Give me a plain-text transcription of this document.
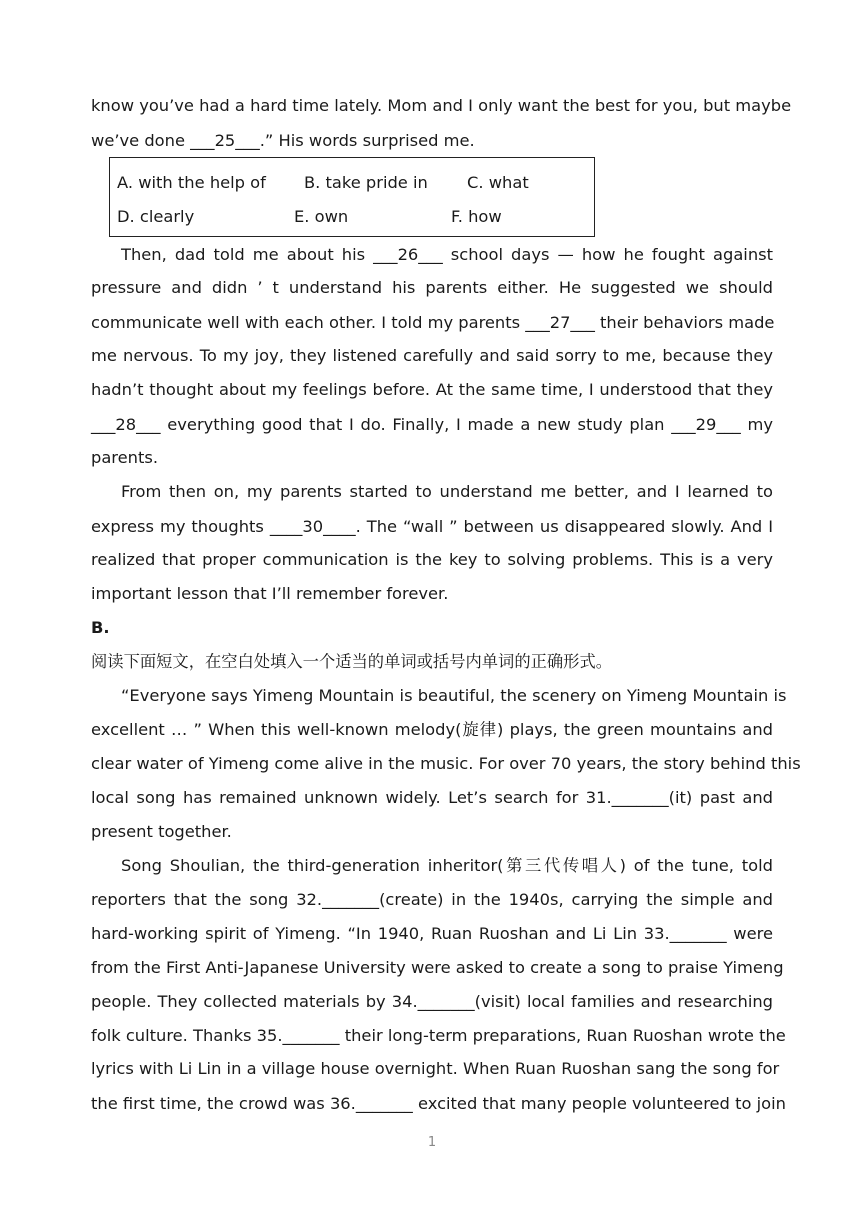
know you’ve had a hard time lately. Mom and I only want the best for you, but maybe
we’ve done ___25___.” His words surprised me.
A. with the help of B. take pride in C. what
D. clearly	E. own	F. how
Then, dad told me about his ___26___ school days — how he fought against
pressure and didn ’ t understand his parents either. He suggested we should
communicate well with each other. I told my parents ___27___ their behaviors made
me nervous. To my joy, they listened carefully and said sorry to me, because they
hadn’t thought about my feelings before. At the same time, I understood that they
___28___ everything good that I do. Finally, I made a new study plan ___29___ my
parents.
From then on, my parents started to understand me better, and I learned to
express my thoughts ____30____. The “wall ” between us disappeared slowly. And I
realized that proper communication is the key to solving problems. This is a very
important lesson that I’ll remember forever.
B.
阅读下面短文，在空白处填入一个适当的单词或括号内单词的正确形式。
“Everyone says Yimeng Mountain is beautiful, the scenery on Yimeng Mountain is
excellent … ” When this well-known melody(旋律) plays, the green mountains and
clear water of Yimeng come alive in the music. For over 70 years, the story behind this
local song has remained unknown widely. Let’s search for 31._______(it) past and
present together.
Song Shoulian, the third-generation inheritor(第三代传唱人) of the tune, told
reporters that the song 32._______(create) in the 1940s, carrying the simple and
hard-working spirit of Yimeng. “In 1940, Ruan Ruoshan and Li Lin 33._______ were
from the First Anti-Japanese University were asked to create a song to praise Yimeng
people. They collected materials by 34._______(visit) local families and researching
folk culture. Thanks 35._______ their long-term preparations, Ruan Ruoshan wrote the
lyrics with Li Lin in a village house overnight. When Ruan Ruoshan sang the song for
the first time, the crowd was 36._______ excited that many people volunteered to join
1
